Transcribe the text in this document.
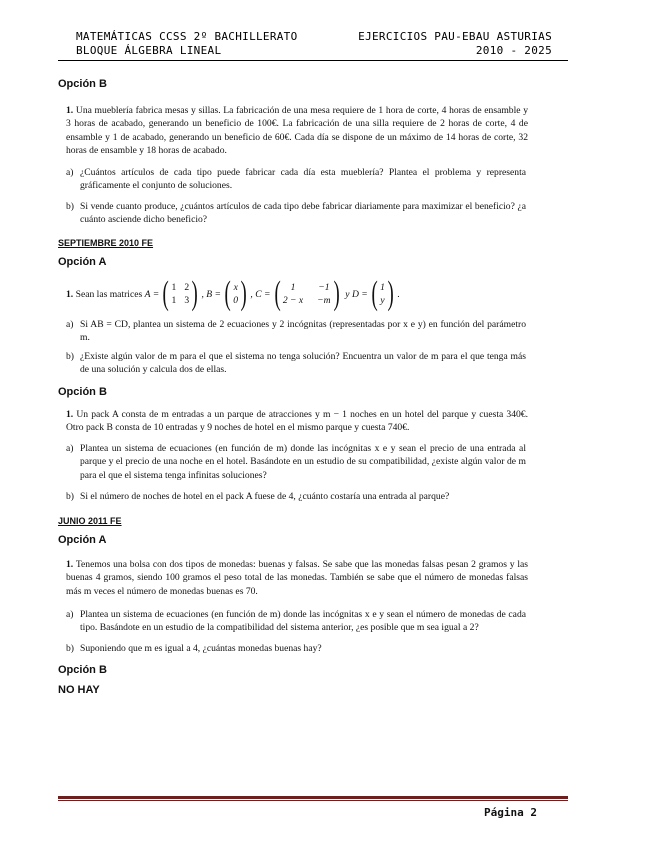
MATEMÁTICAS CCSS 2º BACHILLERATO
BLOQUE ÁLGEBRA LINEAL
EJERCICIOS PAU-EBAU ASTURIAS
2010 - 2025
Opción B
1. Una mueblería fabrica mesas y sillas. La fabricación de una mesa requiere de 1 hora de corte, 4 horas de ensamble y 3 horas de acabado, generando un beneficio de 100€. La fabricación de una silla requiere de 2 horas de corte, 4 de ensamble y 1 de acabado, generando un beneficio de 60€. Cada día se dispone de un máximo de 14 horas de corte, 32 horas de ensamble y 18 horas de acabado.
a) ¿Cuántos artículos de cada tipo puede fabricar cada día esta mueblería? Plantea el problema y representa gráficamente el conjunto de soluciones.
b) Si vende cuanto produce, ¿cuántos artículos de cada tipo debe fabricar diariamente para maximizar el beneficio? ¿a cuánto asciende dicho beneficio?
SEPTIEMBRE 2010 FE
Opción A
1.
Sean las matrices
A = ( 1 2
1 3 ) , B = ( x
0 ) , C = (	1	−1
2 − x −m )
y D = ( 1
y ) .
a) Si AB = CD, plantea un sistema de 2 ecuaciones y 2 incógnitas (representadas por x e y) en función del parámetro m.
b) ¿Existe algún valor de m para el que el sistema no tenga solución? Encuentra un valor de m para el que tenga más de una solución y calcula dos de ellas.
Opción B
1. Un pack A consta de m entradas a un parque de atracciones y m − 1 noches en un hotel del parque y cuesta 340€. Otro pack B consta de 10 entradas y 9 noches de hotel en el mismo parque y cuesta 740€.
a) Plantea un sistema de ecuaciones (en función de m) donde las incógnitas x e y sean el precio de una entrada al parque y el precio de una noche en el hotel. Basándote en un estudio de su compatibilidad, ¿existe algún valor de m para el que el sistema tenga infinitas soluciones?
b) Si el número de noches de hotel en el pack A fuese de 4, ¿cuánto costaría una entrada al parque?
JUNIO 2011 FE
Opción A
1. Tenemos una bolsa con dos tipos de monedas: buenas y falsas. Se sabe que las monedas falsas pesan 2 gramos y las buenas 4 gramos, siendo 100 gramos el peso total de las monedas. También se sabe que el número de monedas falsas más m veces el número de monedas buenas es 70.
a) Plantea un sistema de ecuaciones (en función de m) donde las incógnitas x e y sean el número de monedas de cada tipo. Basándote en un estudio de la compatibilidad del sistema anterior, ¿es posible que m sea igual a 2?
b) Suponiendo que m es igual a 4, ¿cuántas monedas buenas hay?
Opción B
NO HAY
Página 2
